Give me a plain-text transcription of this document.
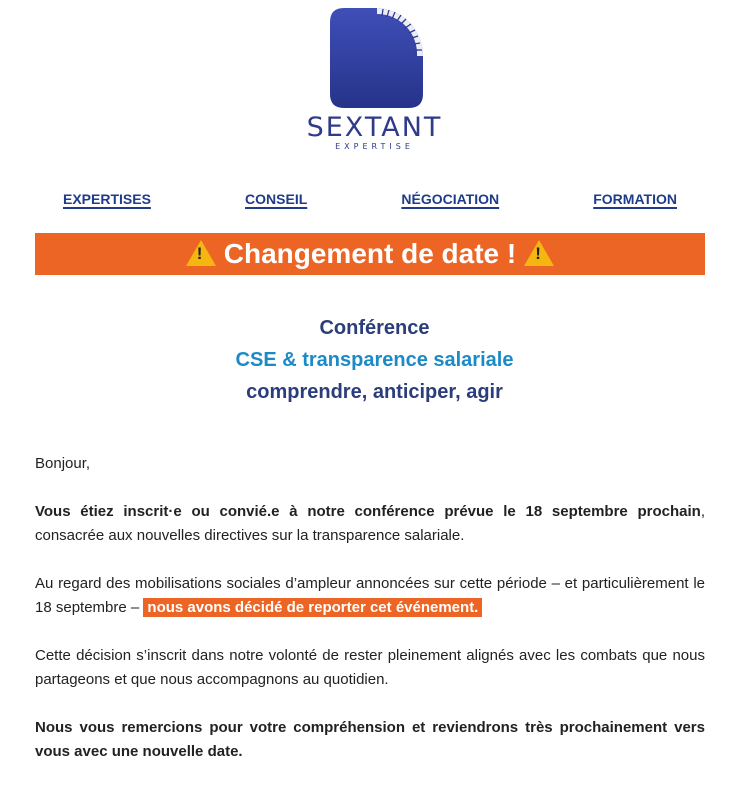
SEXTANT
EXPERTISE
EXPERTISES	CONSEIL	NÉGOCIATION	FORMATION
!
Changement de date !
!
Conférence
CSE & transparence salariale
comprendre, anticiper, agir

Bonjour,

Vous étiez inscrit·e ou convié.e à notre conférence prévue le 18 septembre prochain, consacrée aux nouvelles directives sur la transparence salariale.

Au regard des mobilisations sociales d’ampleur annoncées sur cette période – et particulièrement le 18 septembre – nous avons décidé de reporter cet événement.

Cette décision s’inscrit dans notre volonté de rester pleinement alignés avec les combats que nous partageons et que nous accompagnons au quotidien.

Nous vous remercions pour votre compréhension et reviendrons très prochainement vers vous avec une nouvelle date.
